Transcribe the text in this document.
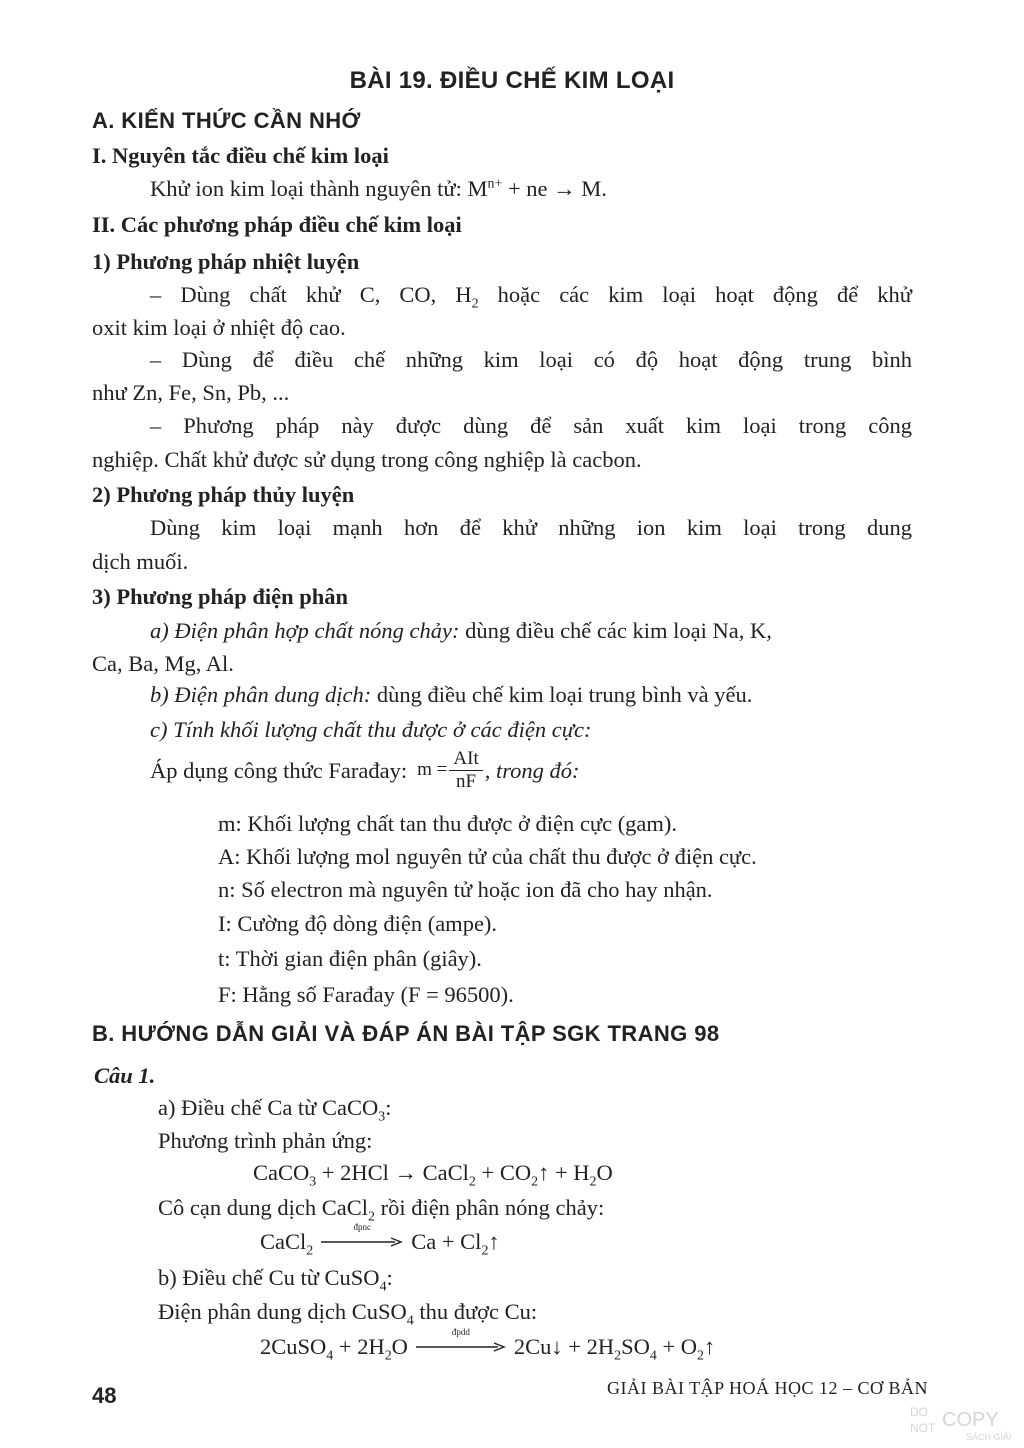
BÀI 19. ĐIỀU CHẾ KIM LOẠI
A. KIẾN THỨC CẦN NHỚ
I. Nguyên tắc điều chế kim loại
Khử ion kim loại thành nguyên tử: $M^{n+}$ + ne → M.
II. Các phương pháp điều chế kim loại
1) Phương pháp nhiệt luyện
– Dùng chất khử C, CO, $H_2$ hoặc các kim loại hoạt động để khử
oxit kim loại ở nhiệt độ cao.
– Dùng để điều chế những kim loại có độ hoạt động trung bình
như Zn, Fe, Sn, Pb, ...
– Phương pháp này được dùng để sản xuất kim loại trong công
nghiệp. Chất khử được sử dụng trong công nghiệp là cacbon.
2) Phương pháp thủy luyện
Dùng kim loại mạnh hơn để khử những ion kim loại trong dung
dịch muối.
3) Phương pháp điện phân
a) Điện phân hợp chất nóng chảy: dùng điều chế các kim loại Na, K,
Ca, Ba, Mg, Al.
b) Điện phân dung dịch: dùng điều chế kim loại trung bình và yếu.
c) Tính khối lượng chất thu được ở các điện cực:
Áp dụng công thức Farađay: $m = \frac{\text{AIt}}{nF}$ , trong đó:
m: Khối lượng chất tan thu được ở điện cực (gam).
A: Khối lượng mol nguyên tử của chất thu được ở điện cực.
n: Số electron mà nguyên tử hoặc ion đã cho hay nhận.
I: Cường độ dòng điện (ampe).
t: Thời gian điện phân (giây).
F: Hằng số Farađay (F = 96500).
B. HƯỚNG DẪN GIẢI VÀ ĐÁP ÁN BÀI TẬP SGK TRANG 98
Câu 1.
a) Điều chế Ca từ CaCO$_3$:
Phương trình phản ứng:
CaCO$_3$ + 2HCl → CaCl$_2$ + $CO_2↑ + H_2O$
Cô cạn dung dịch CaCl$_2$ rồi điện phân nóng chảy:
CaCl$_2$
đpnc
$Ca + Cl_2↑$
b) Điều chế Cu từ CuSO$_4$:
Điện phân dung dịch CuSO$_4$ thu được Cu:
2CuSO$_4$ + $2H_2O$
đpdd
2Cu↓ + $2H_2SO_4$ + $O_2↑$
48	GIẢI BÀI TẬP HOÁ HỌC 12 – CƠ BẢN
DO
NOT COPY
SÁCH GIẢI
